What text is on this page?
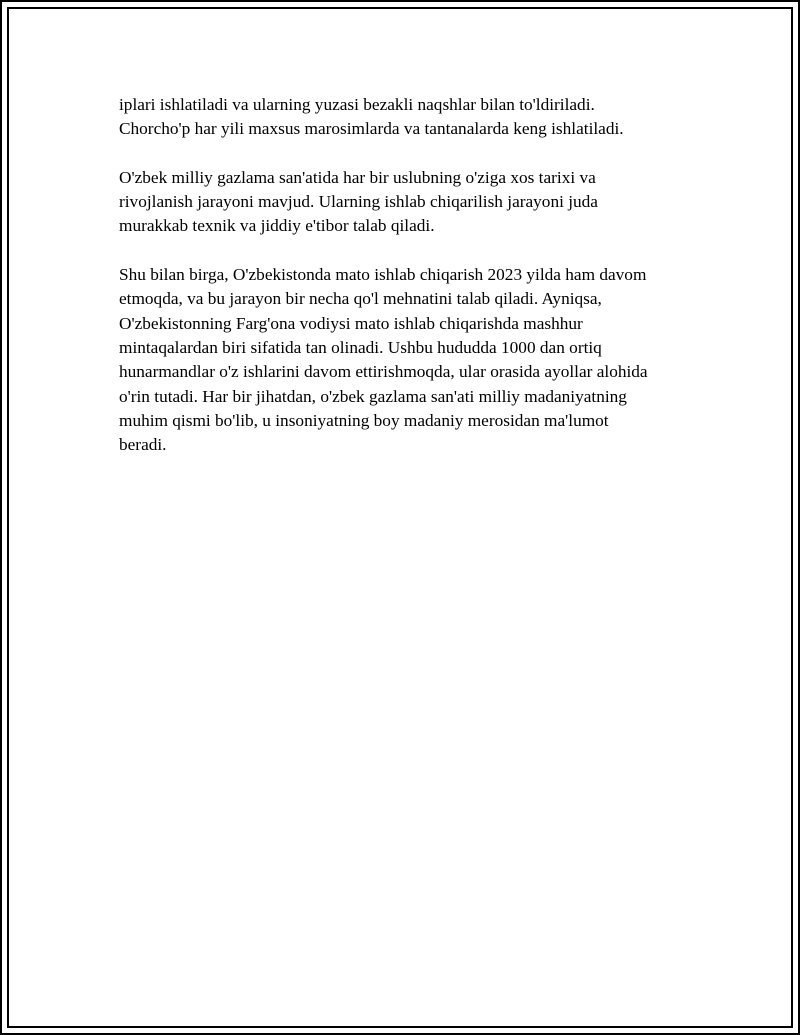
iplari ishlatiladi va ularning yuzasi bezakli naqshlar bilan to'ldiriladi.
Chorcho'p har yili maxsus marosimlarda va tantanalarda keng ishlatiladi.

O'zbek milliy gazlama san'atida har bir uslubning o'ziga xos tarixi va
rivojlanish jarayoni mavjud. Ularning ishlab chiqarilish jarayoni juda
murakkab texnik va jiddiy e'tibor talab qiladi.

Shu bilan birga, O'zbekistonda mato ishlab chiqarish 2023 yilda ham davom
etmoqda, va bu jarayon bir necha qo'l mehnatini talab qiladi. Ayniqsa,
O'zbekistonning Farg'ona vodiysi mato ishlab chiqarishda mashhur
mintaqalardan biri sifatida tan olinadi. Ushbu hududda 1000 dan ortiq
hunarmandlar o'z ishlarini davom ettirishmoqda, ular orasida ayollar alohida
o'rin tutadi. Har bir jihatdan, o'zbek gazlama san'ati milliy madaniyatning
muhim qismi bo'lib, u insoniyatning boy madaniy merosidan ma'lumot
beradi.
